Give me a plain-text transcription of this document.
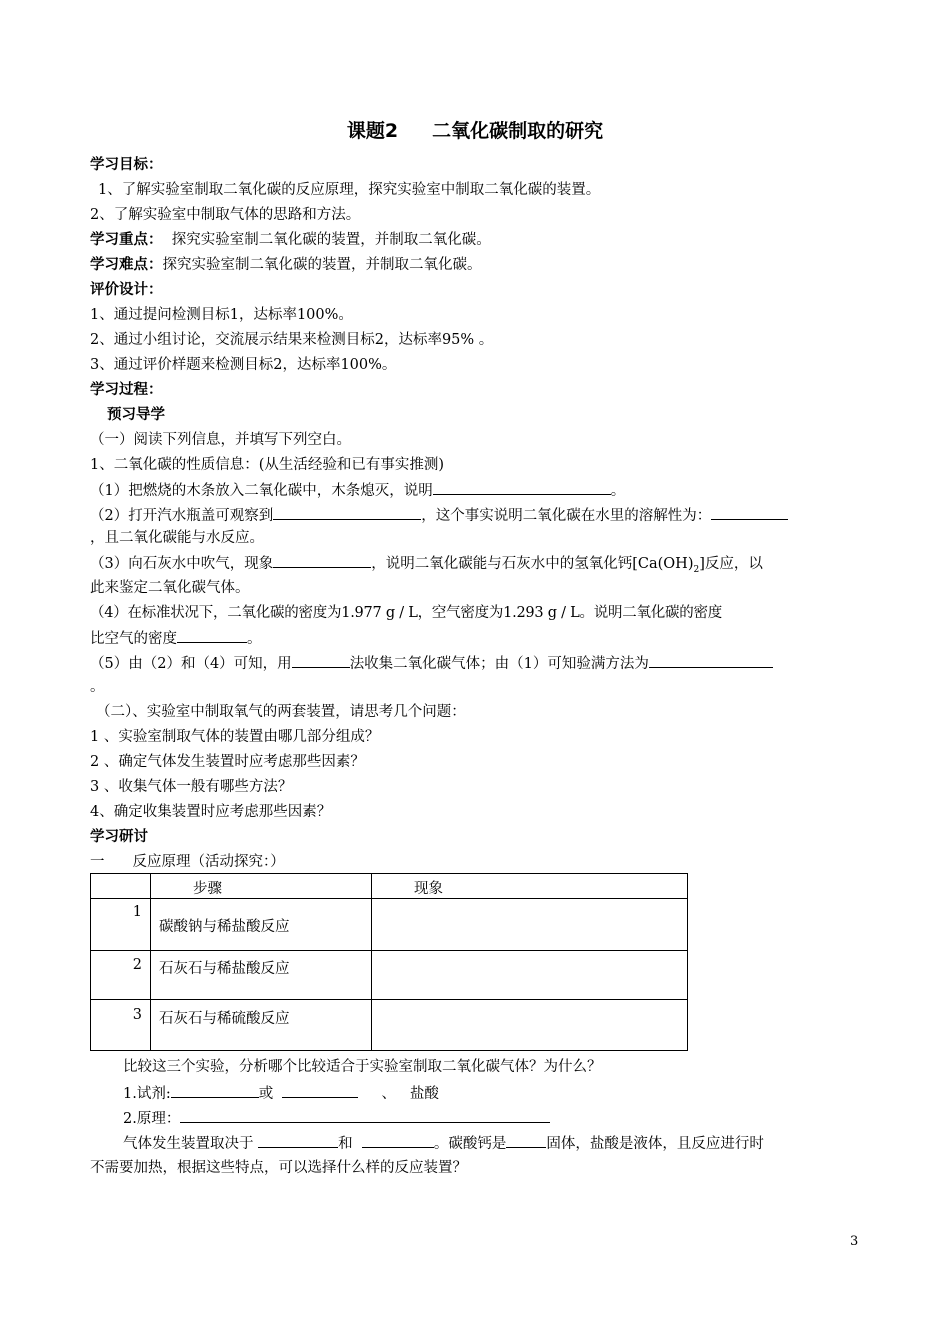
课题2 二氧化碳制取的研究
学习目标：
1、了解实验室制取二氧化碳的反应原理，探究实验室中制取二氧化碳的装置。
2、了解实验室中制取气体的思路和方法。
学习重点： 探究实验室制二氧化碳的装置，并制取二氧化碳。
学习难点：探究实验室制二氧化碳的装置，并制取二氧化碳。
评价设计：
1、通过提问检测目标1，达标率100%。
2、通过小组讨论，交流展示结果来检测目标2，达标率95% 。
3、通过评价样题来检测目标2，达标率100%。
学习过程：
预习导学
（一）阅读下列信息，并填写下列空白。
1、二氧化碳的性质信息：(从生活经验和已有事实推测)
（1）把燃烧的木条放入二氧化碳中，木条熄灭，说明	。
（2）打开汽水瓶盖可观察到	，这个事实说明二氧化碳在水里的溶解性为：
，且二氧化碳能与水反应。
（3）向石灰水中吹气，现象	，说明二氧化碳能与石灰水中的氢氧化钙$[Ca(OH)_2]$反应，以
此来鉴定二氧化碳气体。
（4）在标准状况下，二氧化碳的密度为1.977 g / L，空气密度为1.293 g / L。说明二氧化碳的密度
比空气的密度	。
（5）由（2）和（4）可知，用	法收集二氧化碳气体；由（1）可知验满方法为
。
（二）、实验室中制取氧气的两套装置，请思考几个问题：
1 、实验室制取气体的装置由哪几部分组成？
2 、确定气体发生装置时应考虑那些因素？
3 、收集气体一般有哪些方法？
4、确定收集装置时应考虑那些因素？
学习研讨
一 反应原理（活动探究：）
	步骤	现象
1	碳酸钠与稀盐酸反应	
2	石灰石与稀盐酸反应	
3	石灰石与稀硫酸反应	
比较这三个实验，分析哪个比较适合于实验室制取二氧化碳气体？为什么？
1.试剂:	或	、 盐酸
2.原理：
气体发生装置取决于	和	。碳酸钙是	固体，盐酸是液体，且反应进行时
不需要加热，根据这些特点，可以选择什么样的反应装置？
3
